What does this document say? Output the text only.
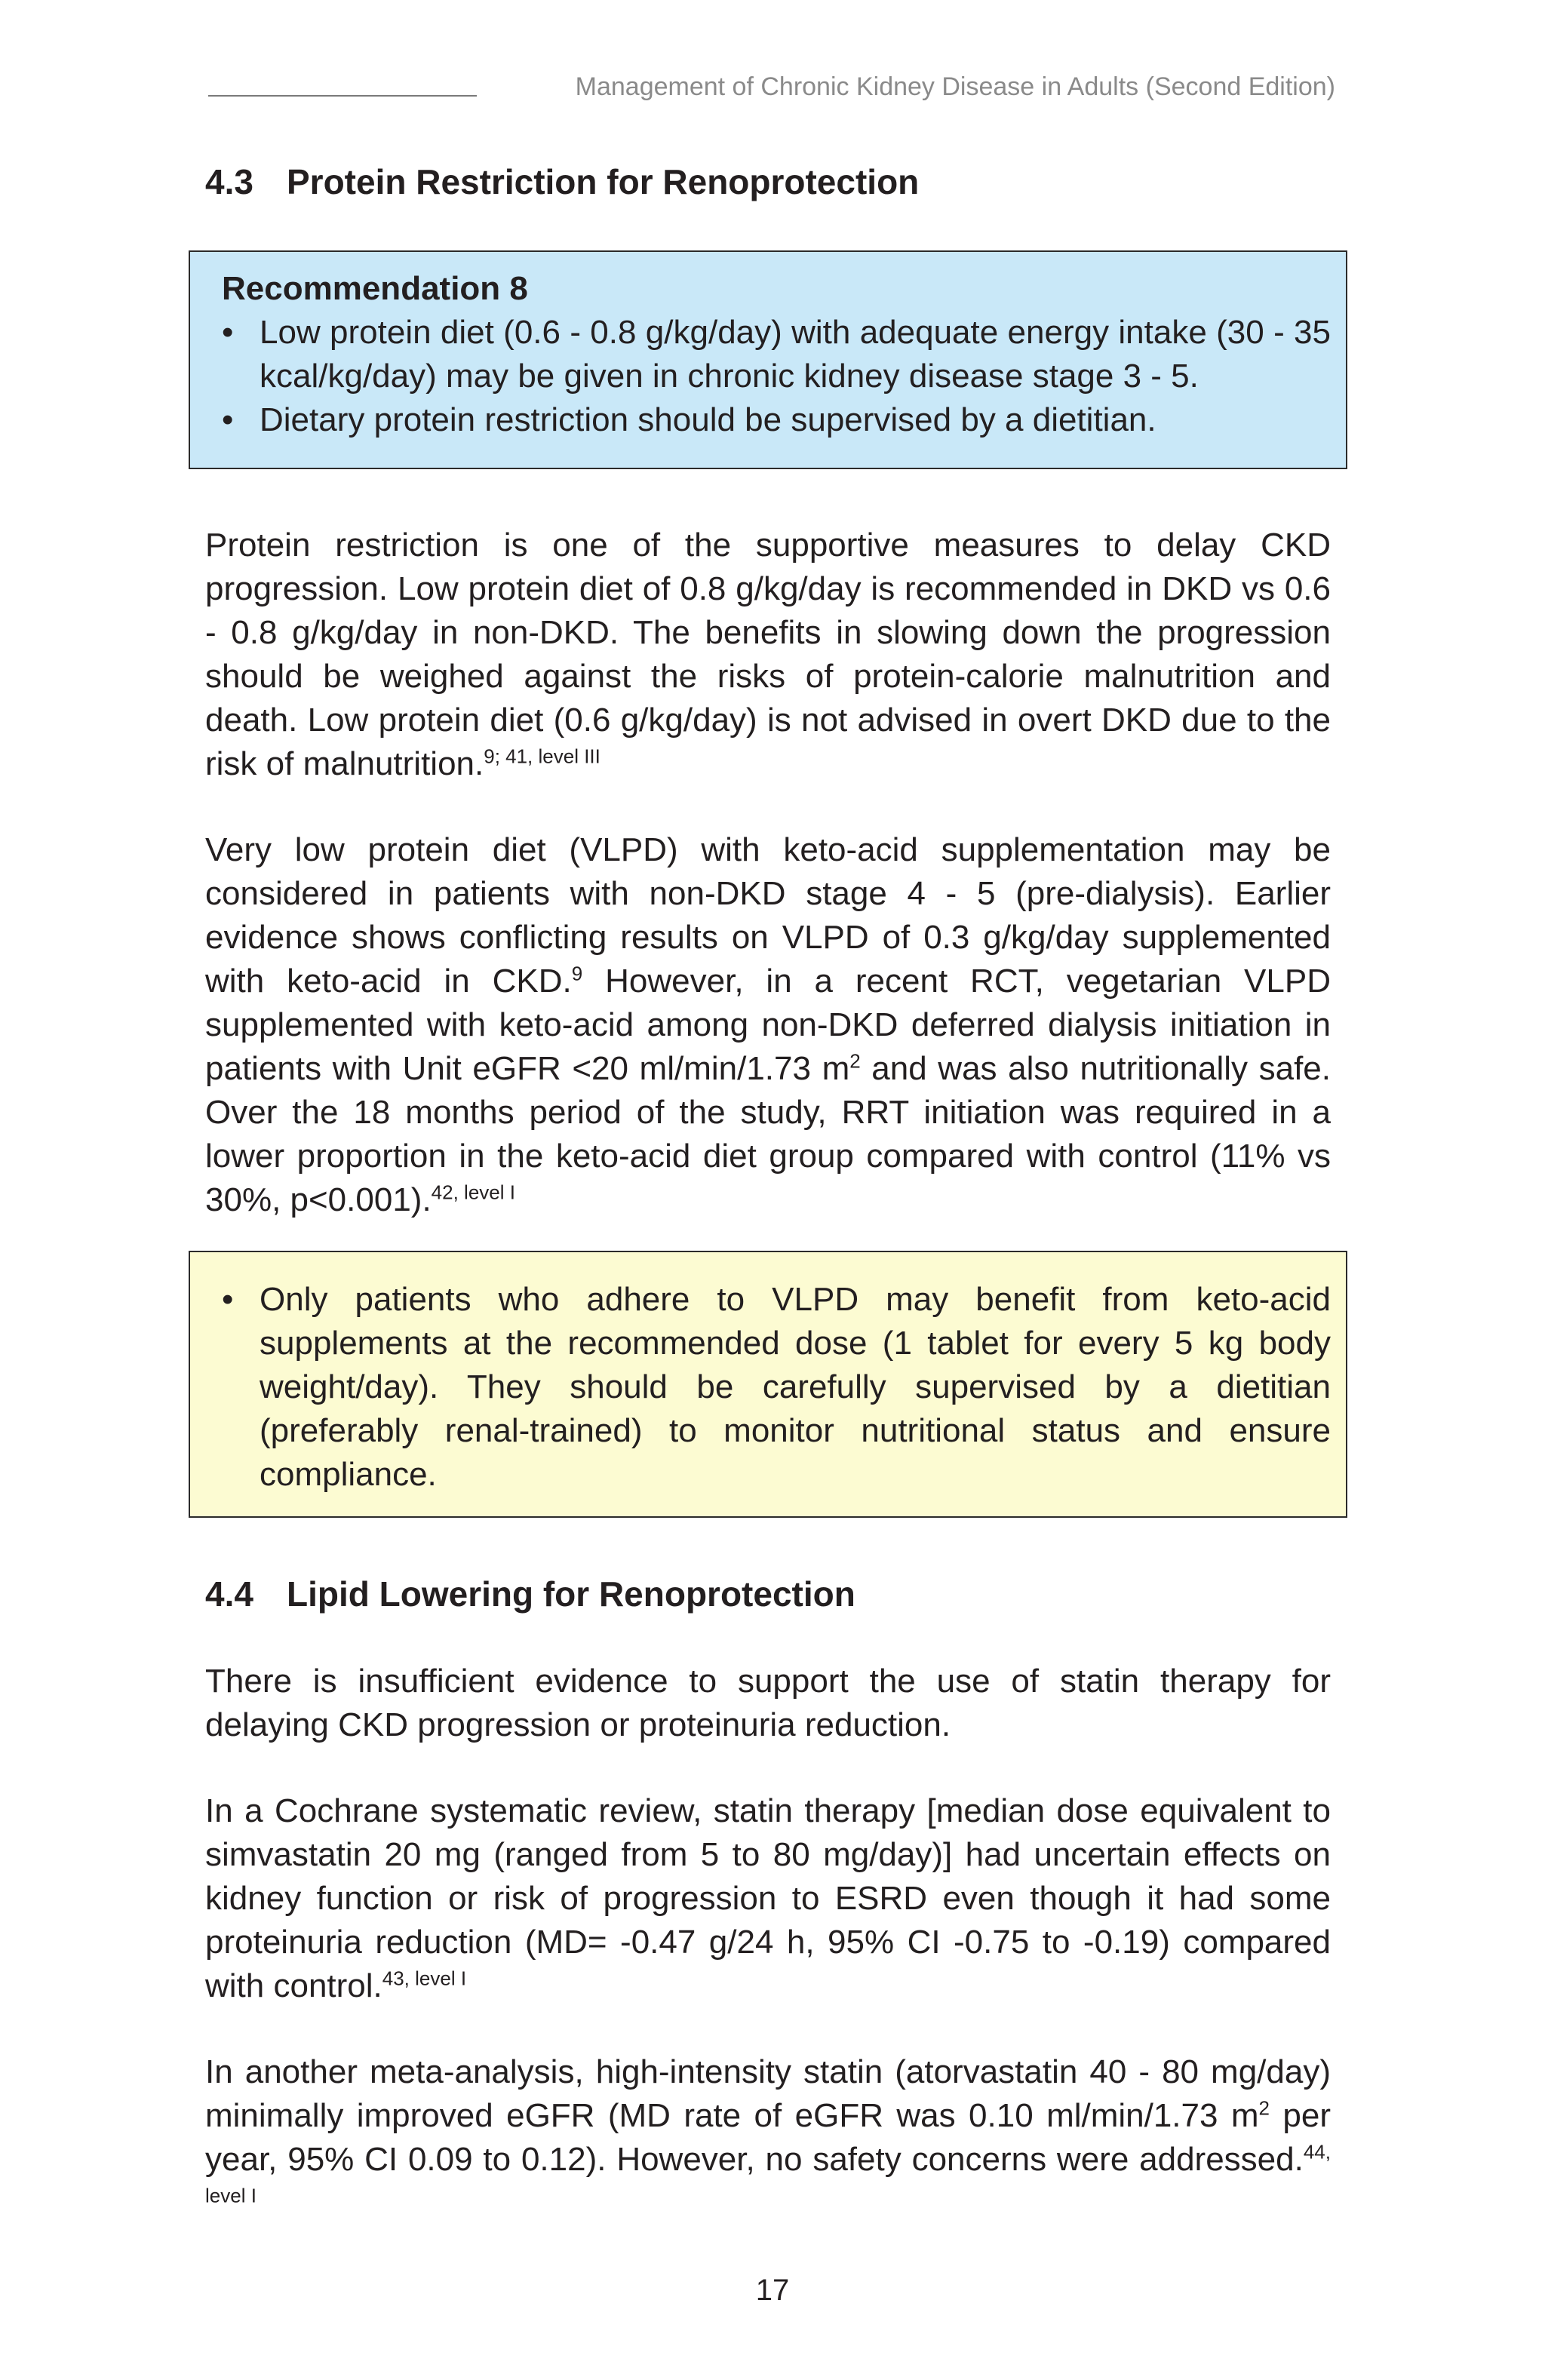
Management of Chronic Kidney Disease in Adults (Second Edition)
4.3 Protein Restriction for Renoprotection
Recommendation 8
• Low protein diet (0.6 - 0.8 g/kg/day) with adequate energy intake (30 - 35 kcal/kg/day) may be given in chronic kidney disease stage 3 - 5.
• Dietary protein restriction should be supervised by a dietitian.

Protein restriction is one of the supportive measures to delay CKD progression. Low protein diet of 0.8 g/kg/day is recommended in DKD vs 0.6 - 0.8 g/kg/day in non-DKD. The benefits in slowing down the progression should be weighed against the risks of protein-calorie malnutrition and death. Low protein diet (0.6 g/kg/day) is not advised in overt DKD due to the risk of malnutrition.$^{9; 41, level III}$

Very low protein diet (VLPD) with keto-acid supplementation may be considered in patients with non-DKD stage 4 - 5 (pre-dialysis). Earlier evidence shows conflicting results on VLPD of 0.3 g/kg/day supplemented with keto-acid in CKD.$^9$ However, in a recent RCT, vegetarian VLPD supplemented with keto-acid among non-DKD deferred dialysis initiation in patients with Unit eGFR <20 ml/min/1.73 $m^2$ and was also nutritionally safe. Over the 18 months period of the study, RRT initiation was required in a lower proportion in the keto-acid diet group compared with control (11% vs 30%, p<0.001).$^{42, level I}$

• Only patients who adhere to VLPD may benefit from keto-acid supplements at the recommended dose (1 tablet for every 5 kg body weight/day). They should be carefully supervised by a dietitian (preferably renal-trained) to monitor nutritional status and ensure compliance.
4.4 Lipid Lowering for Renoprotection

There is insufficient evidence to support the use of statin therapy for delaying CKD progression or proteinuria reduction.

In a Cochrane systematic review, statin therapy [median dose equivalent to simvastatin 20 mg (ranged from 5 to 80 mg/day)] had uncertain effects on kidney function or risk of progression to ESRD even though it had some proteinuria reduction (MD= -0.47 g/24 h, 95% CI -0.75 to -0.19) compared with control.$^{43, level I}$

In another meta-analysis, high-intensity statin (atorvastatin 40 - 80 mg/day) minimally improved eGFR (MD rate of eGFR was 0.10 ml/min/1.73 $m^2$ per year, 95% CI 0.09 to 0.12). However, no safety concerns were addressed.$^{44, level I}$

17
